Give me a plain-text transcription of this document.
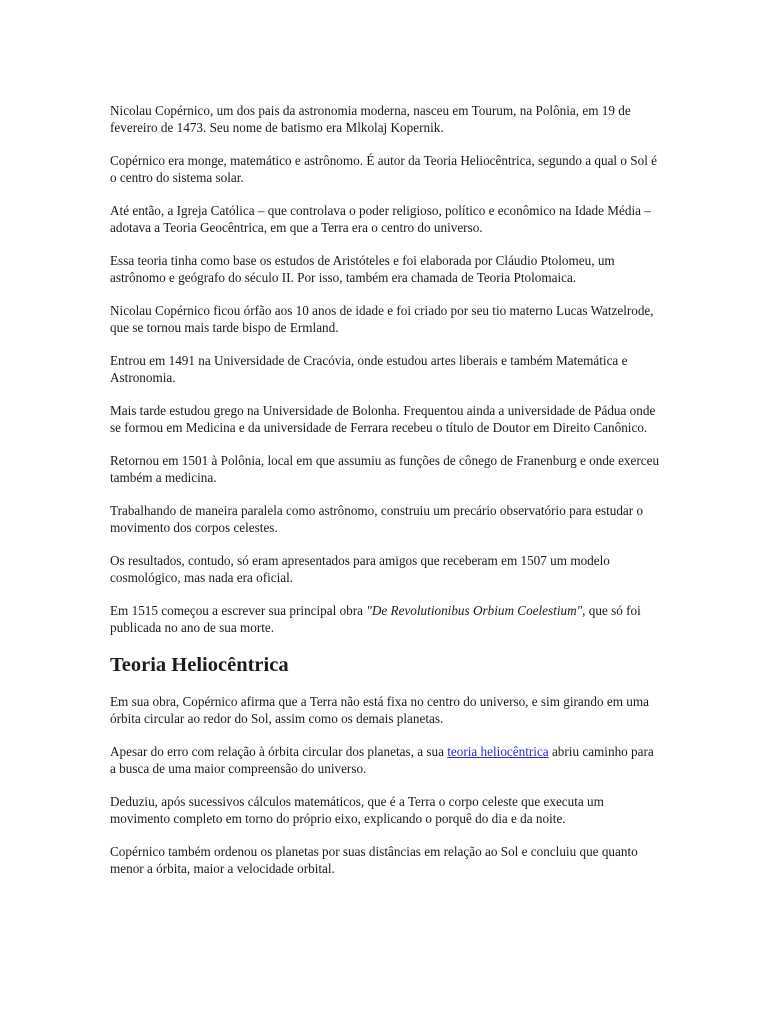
Nicolau Copérnico, um dos pais da astronomia moderna, nasceu em Tourum, na Polônia, em 19 de fevereiro de 1473. Seu nome de batismo era Mlkolaj Kopernik.

Copérnico era monge, matemático e astrônomo. É autor da Teoria Heliocêntrica, segundo a qual o Sol é o centro do sistema solar.

Até então, a Igreja Católica – que controlava o poder religioso, político e econômico na Idade Média – adotava a Teoria Geocêntrica, em que a Terra era o centro do universo.

Essa teoria tinha como base os estudos de Aristóteles e foi elaborada por Cláudio Ptolomeu, um astrônomo e geógrafo do século II. Por isso, também era chamada de Teoria Ptolomaica.

Nicolau Copérnico ficou órfão aos 10 anos de idade e foi criado por seu tio materno Lucas Watzelrode, que se tornou mais tarde bispo de Ermland.

Entrou em 1491 na Universidade de Cracóvia, onde estudou artes liberais e também Matemática e Astronomia.

Mais tarde estudou grego na Universidade de Bolonha. Frequentou ainda a universidade de Pádua onde se formou em Medicina e da universidade de Ferrara recebeu o título de Doutor em Direito Canônico.

Retornou em 1501 à Polônia, local em que assumiu as funções de cônego de Franenburg e onde exerceu também a medicina.

Trabalhando de maneira paralela como astrônomo, construiu um precário observatório para estudar o movimento dos corpos celestes.

Os resultados, contudo, só eram apresentados para amigos que receberam em 1507 um modelo cosmológico, mas nada era oficial.

Em 1515 começou a escrever sua principal obra "De Revolutionibus Orbium Coelestium", que só foi publicada no ano de sua morte.

Teoria Heliocêntrica

Em sua obra, Copérnico afirma que a Terra não está fixa no centro do universo, e sim girando em uma órbita circular ao redor do Sol, assim como os demais planetas.

Apesar do erro com relação à órbita circular dos planetas, a sua teoria heliocêntrica abriu caminho para a busca de uma maior compreensão do universo.

Deduziu, após sucessivos cálculos matemáticos, que é a Terra o corpo celeste que executa um movimento completo em torno do próprio eixo, explicando o porquê do dia e da noite.

Copérnico também ordenou os planetas por suas distâncias em relação ao Sol e concluiu que quanto menor a órbita, maior a velocidade orbital.
